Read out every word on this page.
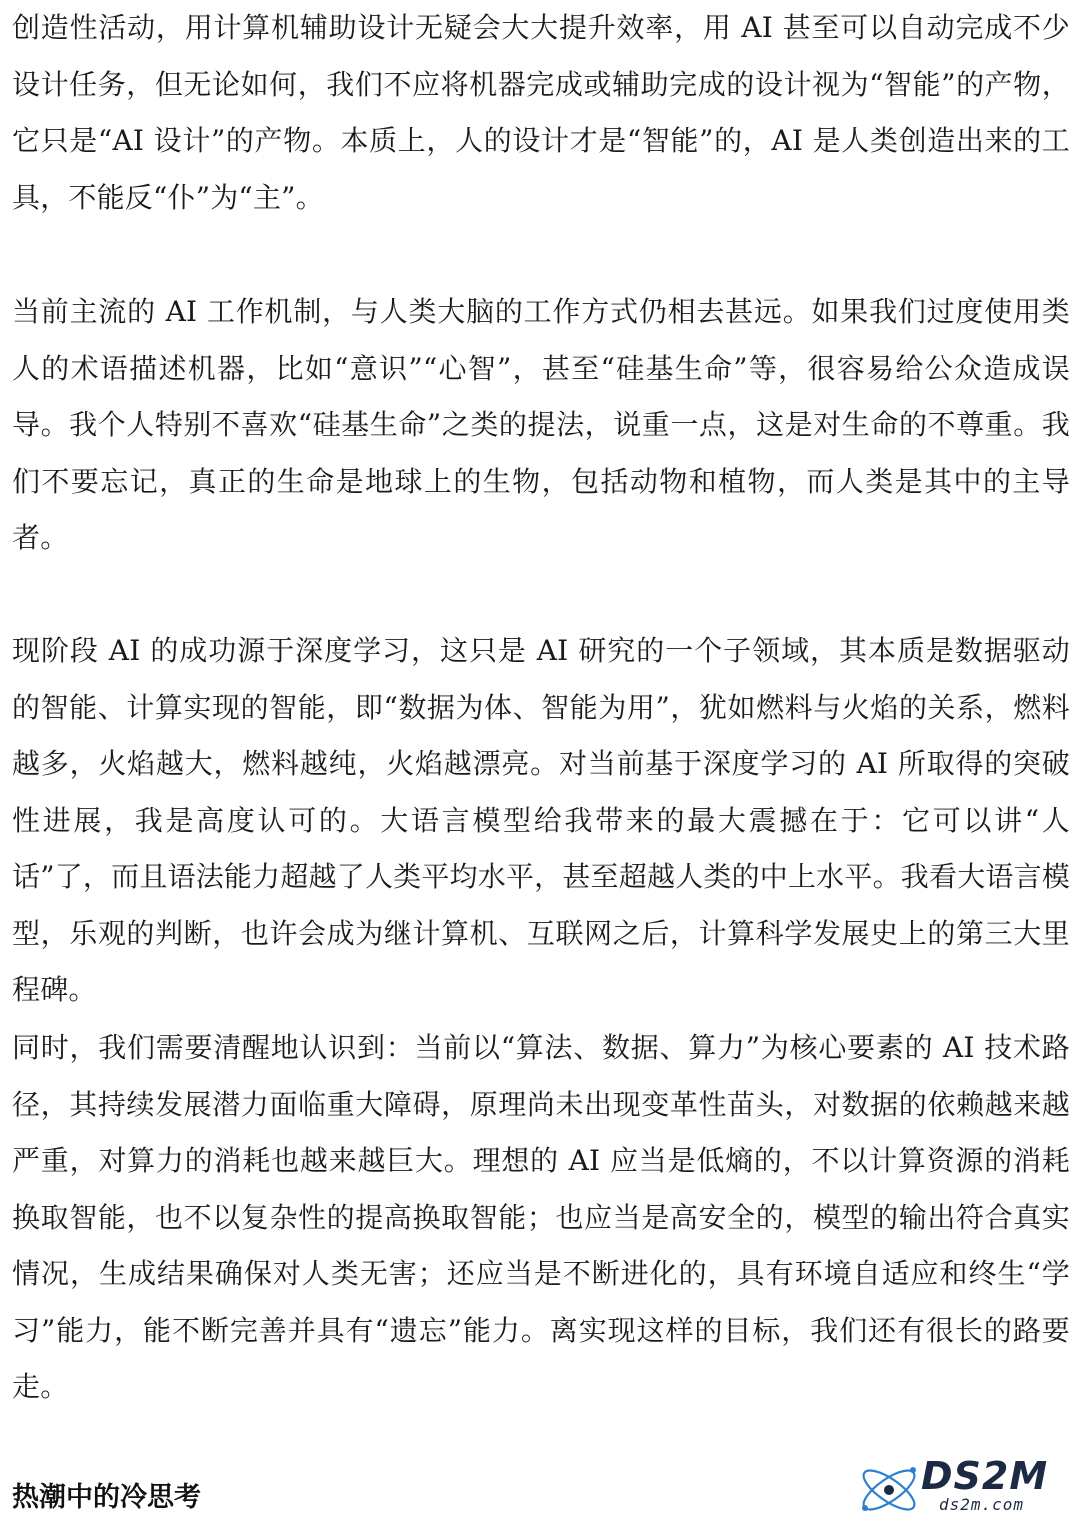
创造性活动，用计算机辅助设计无疑会大大提升效率，用 AI 甚至可以自动完成不少设计任务，但无论如何，我们不应将机器完成或辅助完成的设计视为“智能”的产物，它只是“AI 设计”的产物。本质上，人的设计才是“智能”的，AI 是人类创造出来的工具，不能反“仆”为“主”。

当前主流的 AI 工作机制，与人类大脑的工作方式仍相去甚远。如果我们过度使用类人的术语描述机器，比如“意识”“心智”，甚至“硅基生命”等，很容易给公众造成误导。我个人特别不喜欢“硅基生命”之类的提法，说重一点，这是对生命的不尊重。我们不要忘记，真正的生命是地球上的生物，包括动物和植物，而人类是其中的主导者。

现阶段 AI 的成功源于深度学习，这只是 AI 研究的一个子领域，其本质是数据驱动的智能、计算实现的智能，即“数据为体、智能为用”，犹如燃料与火焰的关系，燃料越多，火焰越大，燃料越纯，火焰越漂亮。对当前基于深度学习的 AI 所取得的突破性进展，我是高度认可的。大语言模型给我带来的最大震撼在于：它可以讲“人话”了，而且语法能力超越了人类平均水平，甚至超越人类的中上水平。我看大语言模型，乐观的判断，也许会成为继计算机、互联网之后，计算科学发展史上的第三大里程碑。

同时，我们需要清醒地认识到：当前以“算法、数据、算力”为核心要素的 AI 技术路径，其持续发展潜力面临重大障碍，原理尚未出现变革性苗头，对数据的依赖越来越严重，对算力的消耗也越来越巨大。理想的 AI 应当是低熵的，不以计算资源的消耗换取智能，也不以复杂性的提高换取智能；也应当是高安全的，模型的输出符合真实情况，生成结果确保对人类无害；还应当是不断进化的，具有环境自适应和终生“学习”能力，能不断完善并具有“遗忘”能力。离实现这样的目标，我们还有很长的路要走。

热潮中的冷思考	DS2M
ds2m.com
